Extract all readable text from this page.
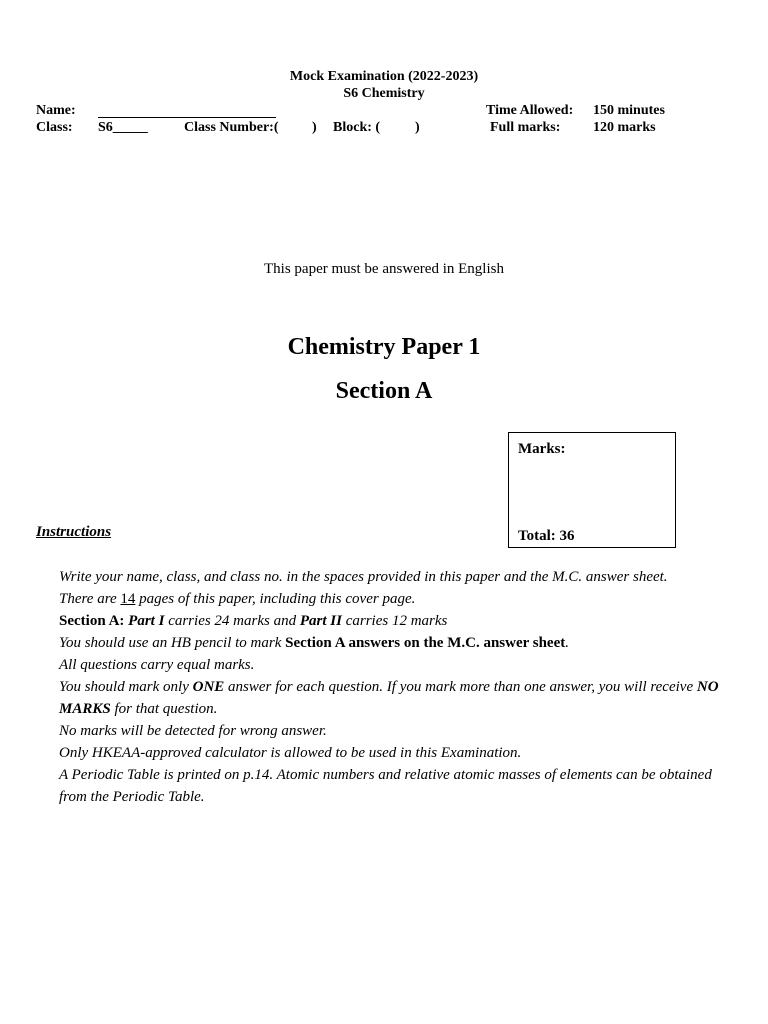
Mock Examination (2022-2023)
S6 Chemistry
Name:	Time Allowed: 150 minutes
Class: S6_____	Class Number:( ) Block: ( )	Full marks: 120 marks
This paper must be answered in English
Chemistry Paper 1
Section A
Marks:
Total: 36
Instructions
Write your name, class, and class no. in the spaces provided in this paper and the M.C. answer sheet.
There are 14 pages of this paper, including this cover page.
Section A: Part I carries 24 marks and Part II carries 12 marks
You should use an HB pencil to mark Section A answers on the M.C. answer sheet.
All questions carry equal marks.
You should mark only ONE answer for each question. If you mark more than one answer, you will receive NO MARKS for that question.
No marks will be detected for wrong answer.
Only HKEAA-approved calculator is allowed to be used in this Examination.
A Periodic Table is printed on p.14. Atomic numbers and relative atomic masses of elements can be obtained from the Periodic Table.
